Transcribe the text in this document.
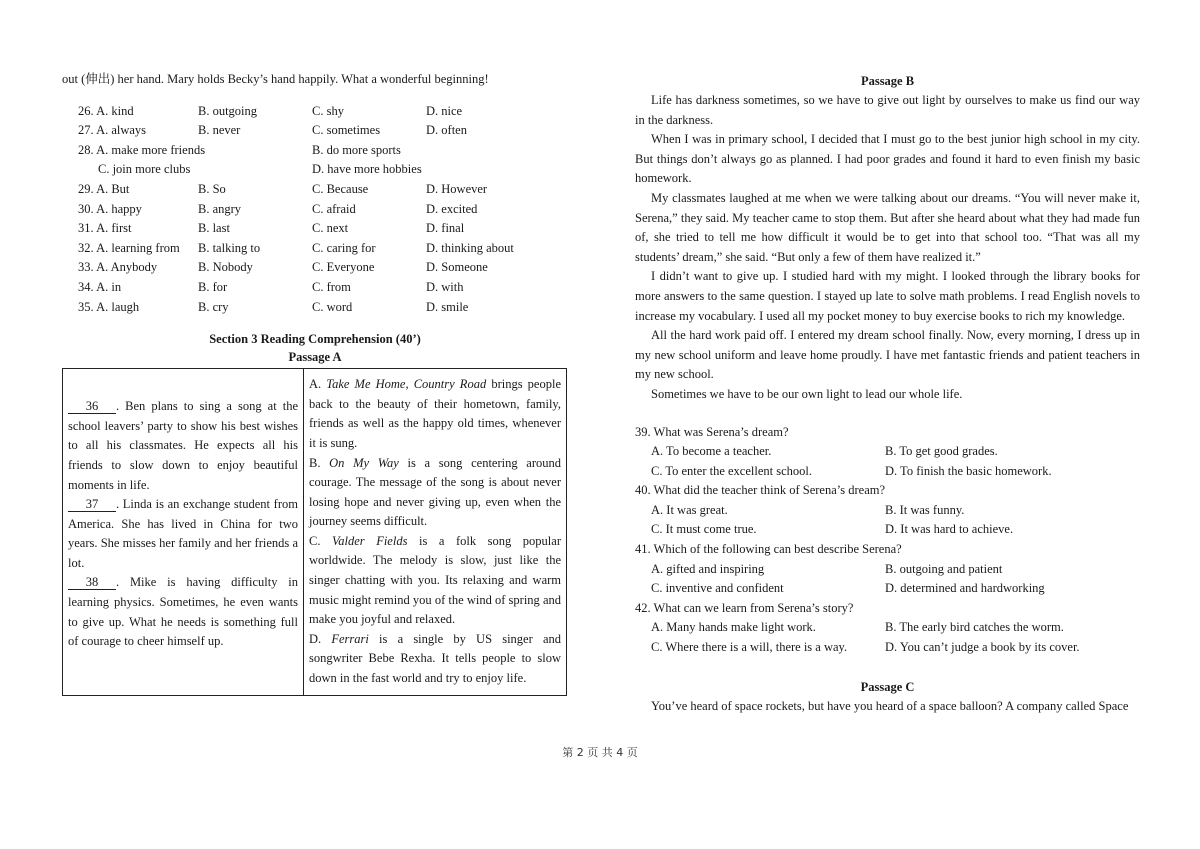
out (伸出) her hand. Mary holds Becky’s hand happily. What a wonderful beginning!
26. A. kind	B. outgoing	C. shy	D. nice
27. A. always	B. never	C. sometimes	D. often
28. A. make more friends	B. do more sports
C. join more clubs	D. have more hobbies
29. A. But	B. So	C. Because	D. However
30. A. happy	B. angry	C. afraid	D. excited
31. A. first	B. last	C. next	D. final
32. A. learning from B. talking to	C. caring for	D. thinking about
33. A. Anybody	B. Nobody	C. Everyone	D. Someone
34. A. in	B. for	C. from	D. with
35. A. laugh	B. cry	C. word	D. smile
Section 3 Reading Comprehension (40’)
Passage A
36 . Ben plans to sing a song at the school leavers’ party to show his best wishes to all his classmates. He expects all his friends to slow down to enjoy beautiful moments in life.
37 . Linda is an exchange student from America. She has lived in China for two years. She misses her family and her friends a lot.
38 . Mike is having difficulty in learning physics. Sometimes, he even wants to give up. What he needs is something full of courage to cheer himself up.

A. Take Me Home, Country Road brings people back to the beauty of their hometown, family, friends as well as the happy old times, whenever it is sung.
B. On My Way is a song centering around courage. The message of the song is about never losing hope and never giving up, even when the journey seems difficult.
C. Valder Fields is a folk song popular worldwide. The melody is slow, just like the singer chatting with you. Its relaxing and warm music might remind you of the wind of spring and make you joyful and relaxed.
D. Ferrari is a single by US singer and songwriter Bebe Rexha. It tells people to slow down in the fast world and try to enjoy life.
Passage B

Life has darkness sometimes, so we have to give out light by ourselves to make us find our way in the darkness.

When I was in primary school, I decided that I must go to the best junior high school in my city. But things don’t always go as planned. I had poor grades and found it hard to even finish my basic homework.

My classmates laughed at me when we were talking about our dreams. “You will never make it, Serena,” they said. My teacher came to stop them. But after she heard about what they had made fun of, she tried to tell me how difficult it would be to get into that school too. “That was all my students’ dream,” she said. “But only a few of them have realized it.”

I didn’t want to give up. I studied hard with my might. I looked through the library books for more answers to the same question. I stayed up late to solve math problems. I read English novels to increase my vocabulary. I used all my pocket money to buy exercise books to rich my knowledge.

All the hard work paid off. I entered my dream school finally. Now, every morning, I dress up in my new school uniform and leave home proudly. I have met fantastic friends and patient teachers in my new school.

Sometimes we have to be our own light to lead our whole life.

39. What was Serena’s dream?
A. To become a teacher.	B. To get good grades.
C. To enter the excellent school.	D. To finish the basic homework.
40. What did the teacher think of Serena’s dream?
A. It was great.	B. It was funny.
C. It must come true.	D. It was hard to achieve.
41. Which of the following can best describe Serena?
A. gifted and inspiring	B. outgoing and patient
C. inventive and confident	D. determined and hardworking
42. What can we learn from Serena’s story?
A. Many hands make light work.	B. The early bird catches the worm.
C. Where there is a will, there is a way.	D. You can’t judge a book by its cover.
Passage C

You’ve heard of space rockets, but have you heard of a space balloon? A company called Space

第 2 页 共 4 页
